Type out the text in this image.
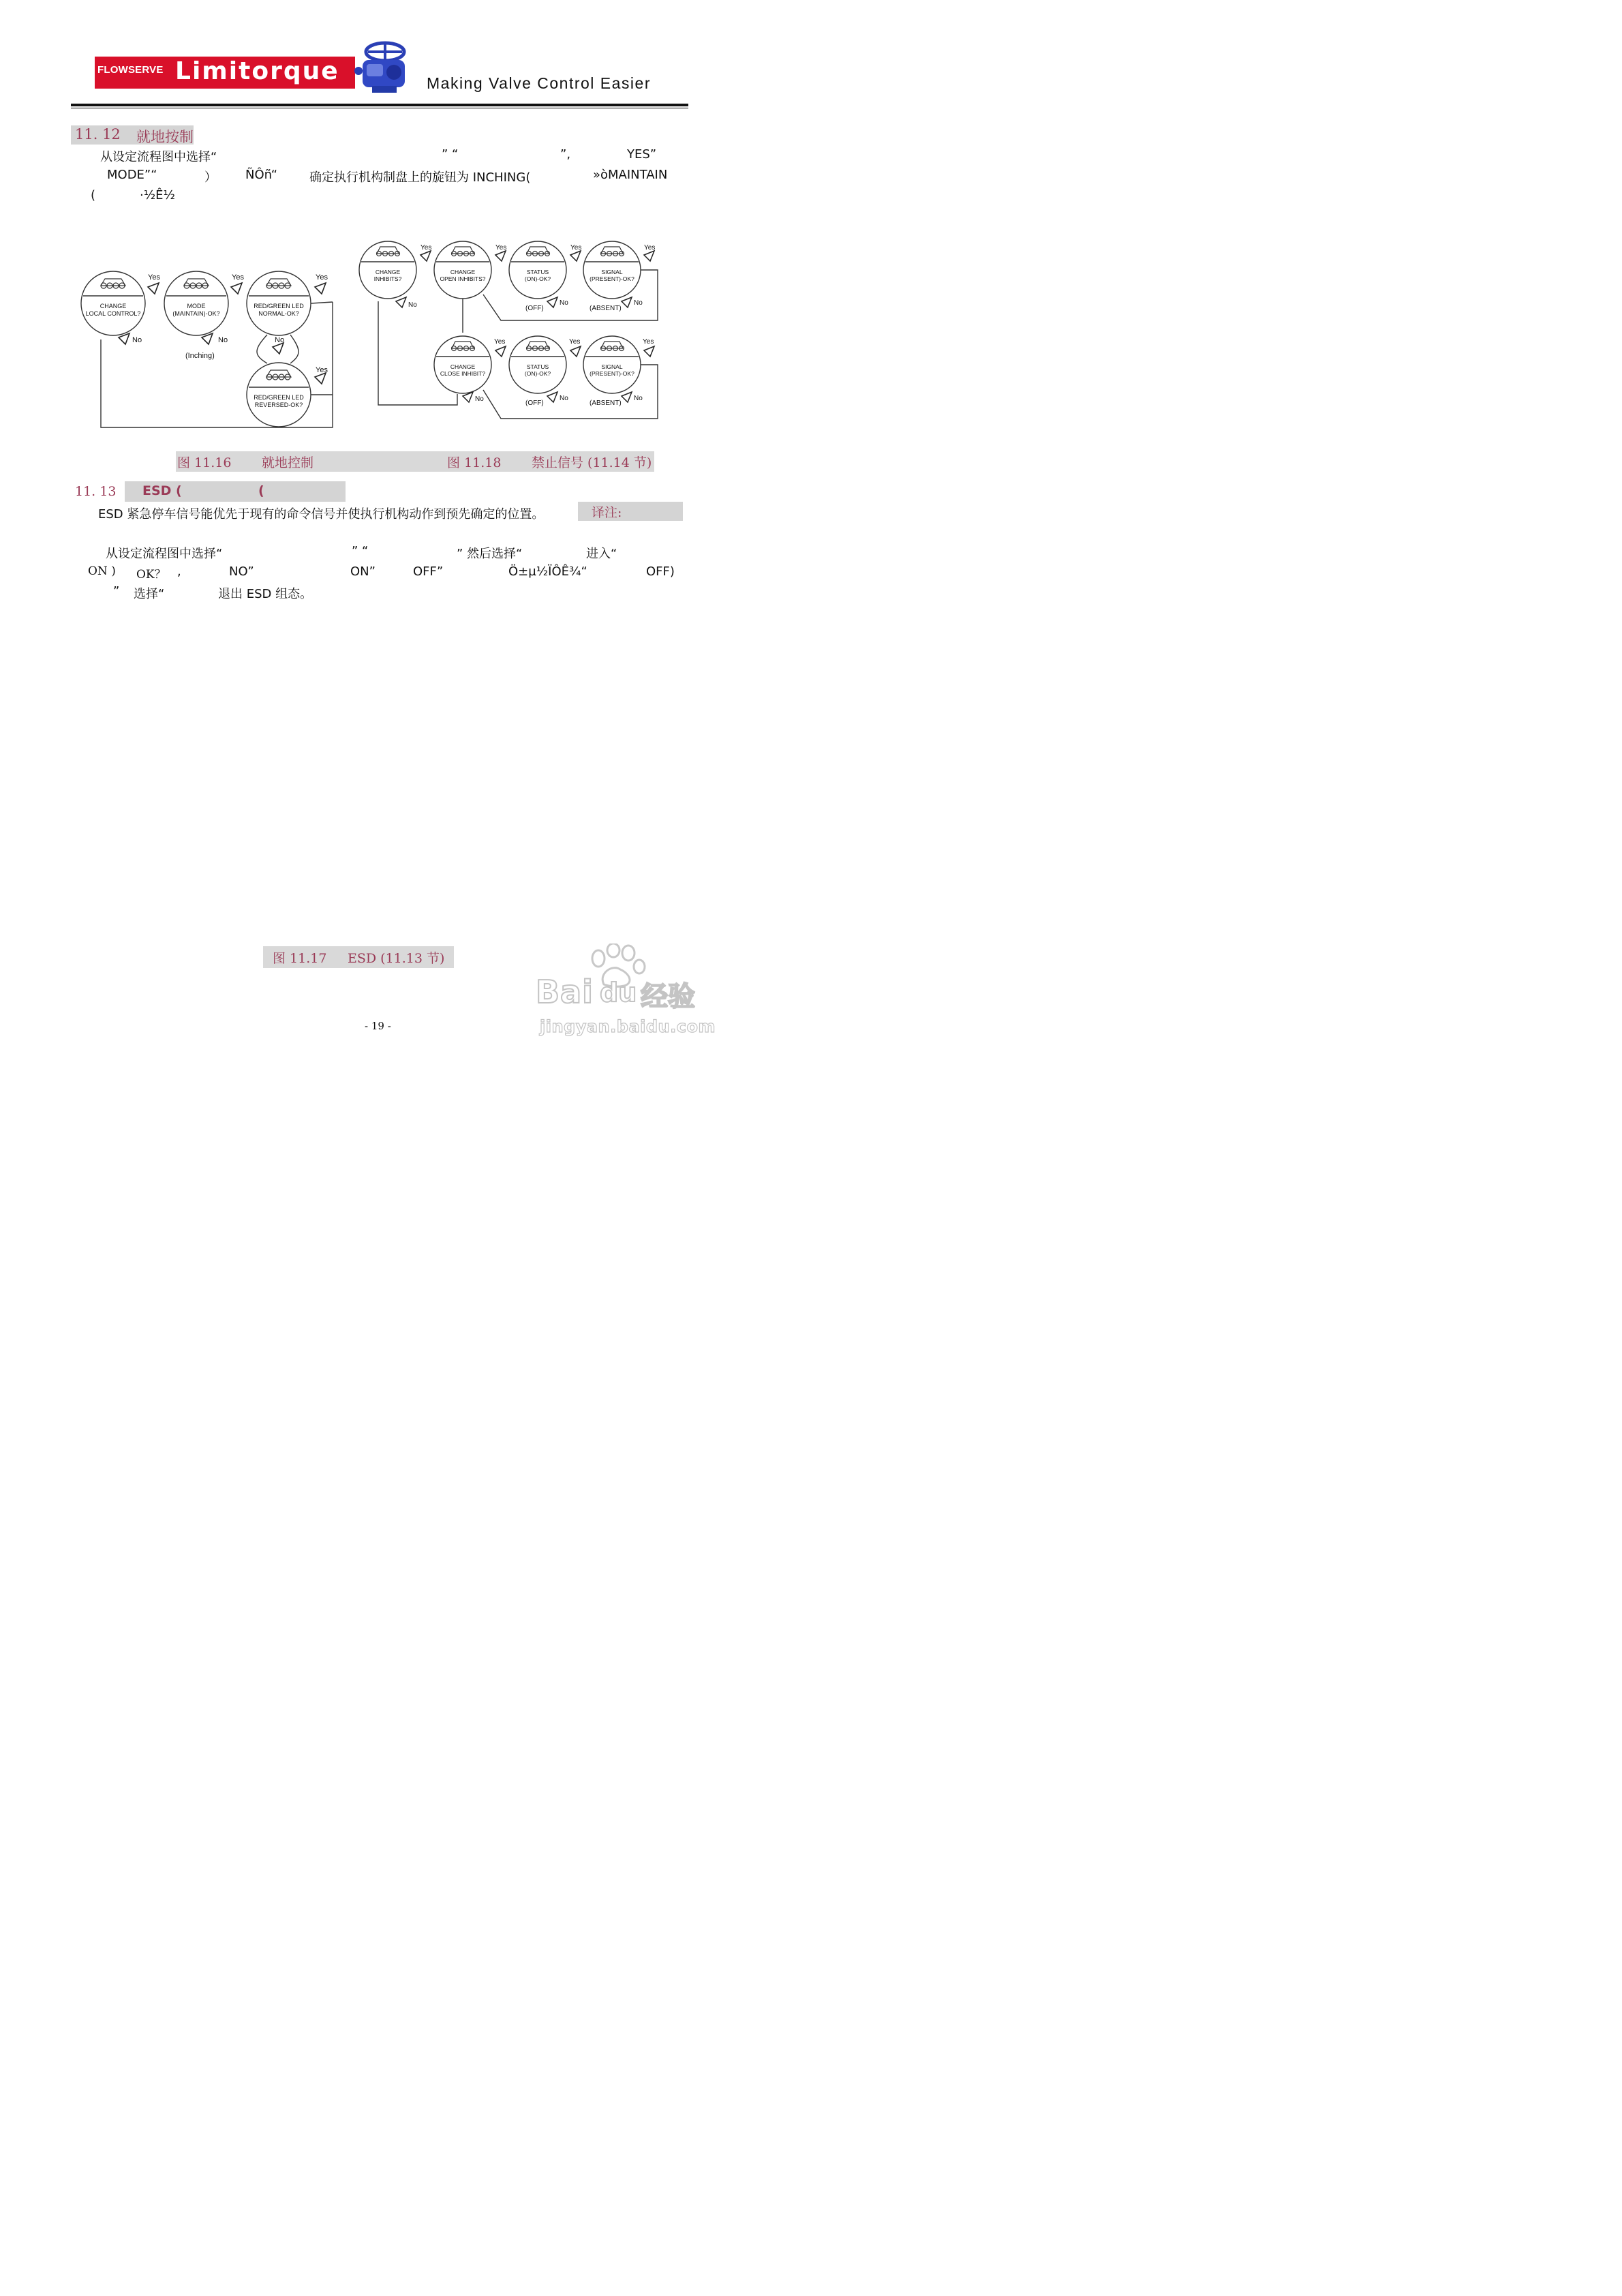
FLOWSERVE Limitorque	Making Valve Control Easier
11. 12 就地按制
从设定流程图中选择“	” “	”,	YES”
MODE”“	） ÑÔñ“	确定执行机构制盘上的旋钮为 INCHING(	»òMAINTAIN
(	·½Ê½
CHANGE
LOCAL CONTROL?
MODE
(MAINTAIN)-OK?
RED/GREEN LED
NORMAL-OK?
RED/GREEN LED
REVERSED-OK?
Yes	Yes	Yes
Yes
No	No	No
(Inching)
CHANGE
INHIBITS?
CHANGE
OPEN INHIBITS?
STATUS
(ON)-OK?
SIGNAL
(PRESENT)-OK?
CHANGE
CLOSE INHIBIT?
STATUS
(ON)-OK?
SIGNAL
(PRESENT)-OK?
Yes	Yes	Yes	Yes
Yes	Yes	Yes
No	No	No
No	No	No
(OFF)	(ABSENT)
(OFF)	(ABSENT)
图 11.16 就地控制	图 11.18 禁止信号 (11.14 节)
11. 13 ESD (	(
ESD 紧急停车信号能优先于现有的命令信号并使执行机构动作到预先确定的位置。	译注:
从设定流程图中选择“	” “	” 然后选择“	进入“
ON ) OK？ ,	NO”	ON”	OFF”	Ö±µ½ÏÔÊ¾“	OFF)
” 选择“	退出 ESD 组态。
图 11.17 ESD (11.13 节)
- 19 -
Bai du 经验
jingyan.baidu.com
